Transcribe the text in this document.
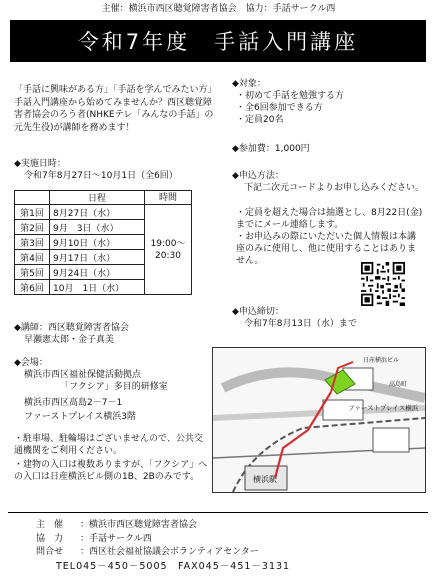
主催：横浜市西区聴覚障害者協会　 協力：手話サークル西
令和7年度　手話入門講座
「手話に興味がある方」「手話を学んでみたい方」手話入門講座から始めてみませんか？西区聴覚障害者協会のろう者(NHKEテレ「みんなの手話」の元先生役)が講師を務めます！
◆実施日時：
令和7年8月27日～10月1日（全6回）
	日程	時間
第1回	8月27日（水）	19:00～
20:30
第2回	9月　3日（水）	
第3回	9月10日（水）	
第4回	9月17日（水）	
第5回	9月24日（水）	
第6回	10月　1日（水）	
◆講師：西区聴覚障害者協会
早瀬憲太郎・金子真美
◆会場：
横浜市西区福祉保健活動拠点
「フクシア」多目的研修室
横浜市西区高島2－7－1
ファーストプレイス横浜3階
・駐車場、駐輪場はございませんので、公共交通機関をご利用ください。
・建物の入口は複数ありますが、「フクシア」への入口は日産横浜ビル側の1B、2Bのみです。
◆対象：
・初めて手話を勉強する方
・全6回参加できる方
・定員20名
◆参加費：1,000円
◆申込方法：
下記二次元コードよりお申し込みください。
・定員を超えた場合は抽選とし、8月22日(金)までにメール連絡します。
・お申込みの際にいただいた個人情報は本講座のみに使用し、他に使用することはありません。
◆申込締切：
令和7年8月13日（水）まで
横浜駅
ファーストプレイス横浜
日産横浜ビル
高島町
主　催	：横浜市西区聴覚障害者協会
協　力	：手話サークル西
問合せ	：西区社会福祉協議会ボランティアセンター
TEL045－450－5005　FAX045－451－3131
